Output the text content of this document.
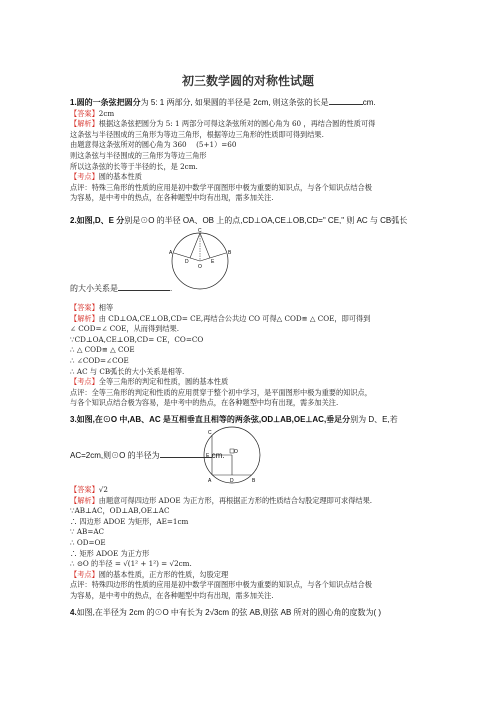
初三数学圆的对称性试题
1.圆的一条弦把圆分为 5: 1 两部分, 如果圆的半径是 2cm, 则这条弦的长是	cm.
【答案】2cm
【解析】根据这条弦把圆分为 5: 1 两部分可得这条弦所对的圆心角为 60 ，再结合圆的性质可得
这条弦与半径围成的三角形为等边三角形，根据等边三角形的性质即可得到结果.
由题意得这条弦所对的圆心角为 360 　(5+1）=60
则这条弦与半径围成的三角形为等边三角形
所以这条弦的长等于半径的长，是 2cm.
【考点】圆的基本性质
点评：特殊三角形的性质的应用是初中数学平面图形中极为重要的知识点，与各个知识点结合极
为容易，是中考中的热点，在各种题型中均有出现，需多加关注.
2.如图,D、E 分别是⊙O 的半径 OA、OB 上的点,CD⊥OA,CE⊥OB,CD=" CE," 则 $\overline{AC}$ 与 $\overline{CB}$弧长
C
A	B
D	E
O
的大小关系是	.
【答案】相等
【解析】由 CD⊥OA,CE⊥OB,CD= CE,再结合公共边 CO 可得△ COD≌ △ COE，即可得到
∠ COD=∠ COE，从而得到结果.
∵CD⊥OA,CE⊥OB,CD= CE，CO=CO
∴ △ COD≌ △ COE
∴ ∠COD=∠COE
∴ $\overline{AC}$ 与 $\overline{CB}$弧长的大小关系是相等.
【考点】全等三角形的判定和性质，圆的基本性质
点评：全等三角形的判定和性质的应用贯穿于整个初中学习，是平面图形中极为重要的知识点，
与各个知识点结合极为容易，是中考中的热点，在各种题型中均有出现，需多加关注.
3.如图,在⊙O 中,AB、AC 是互相垂直且相等的两条弦,OD⊥AB,OE⊥AC,垂足分别为 D、E,若
C
E
O
A	D	B
AC=2cm,则⊙O 的半径为	cm.
【答案】√2
【解析】由题意可得四边形 ADOE 为正方形，再根据正方形的性质结合勾股定理即可求得结果.
∵AB⊥AC，OD⊥AB,OE⊥AC
∴ 四边形 ADOE 为矩形，AE=1cm
∵ AB=AC
∴ OD=OE
∴ 矩形 ADOE 为正方形
∴ ⊙O 的半径 = √(1² + 1²) = √2cm.
【考点】圆的基本性质，正方形的性质，勾股定理
点评：特殊四边形的性质的应用是初中数学平面图形中极为重要的知识点，与各个知识点结合极
为容易，是中考中的热点，在各种题型中均有出现，需多加关注.
4.如图,在半径为 2cm 的⊙O 中有长为 2√3cm 的弦 AB,则弦 AB 所对的圆心角的度数为( )
